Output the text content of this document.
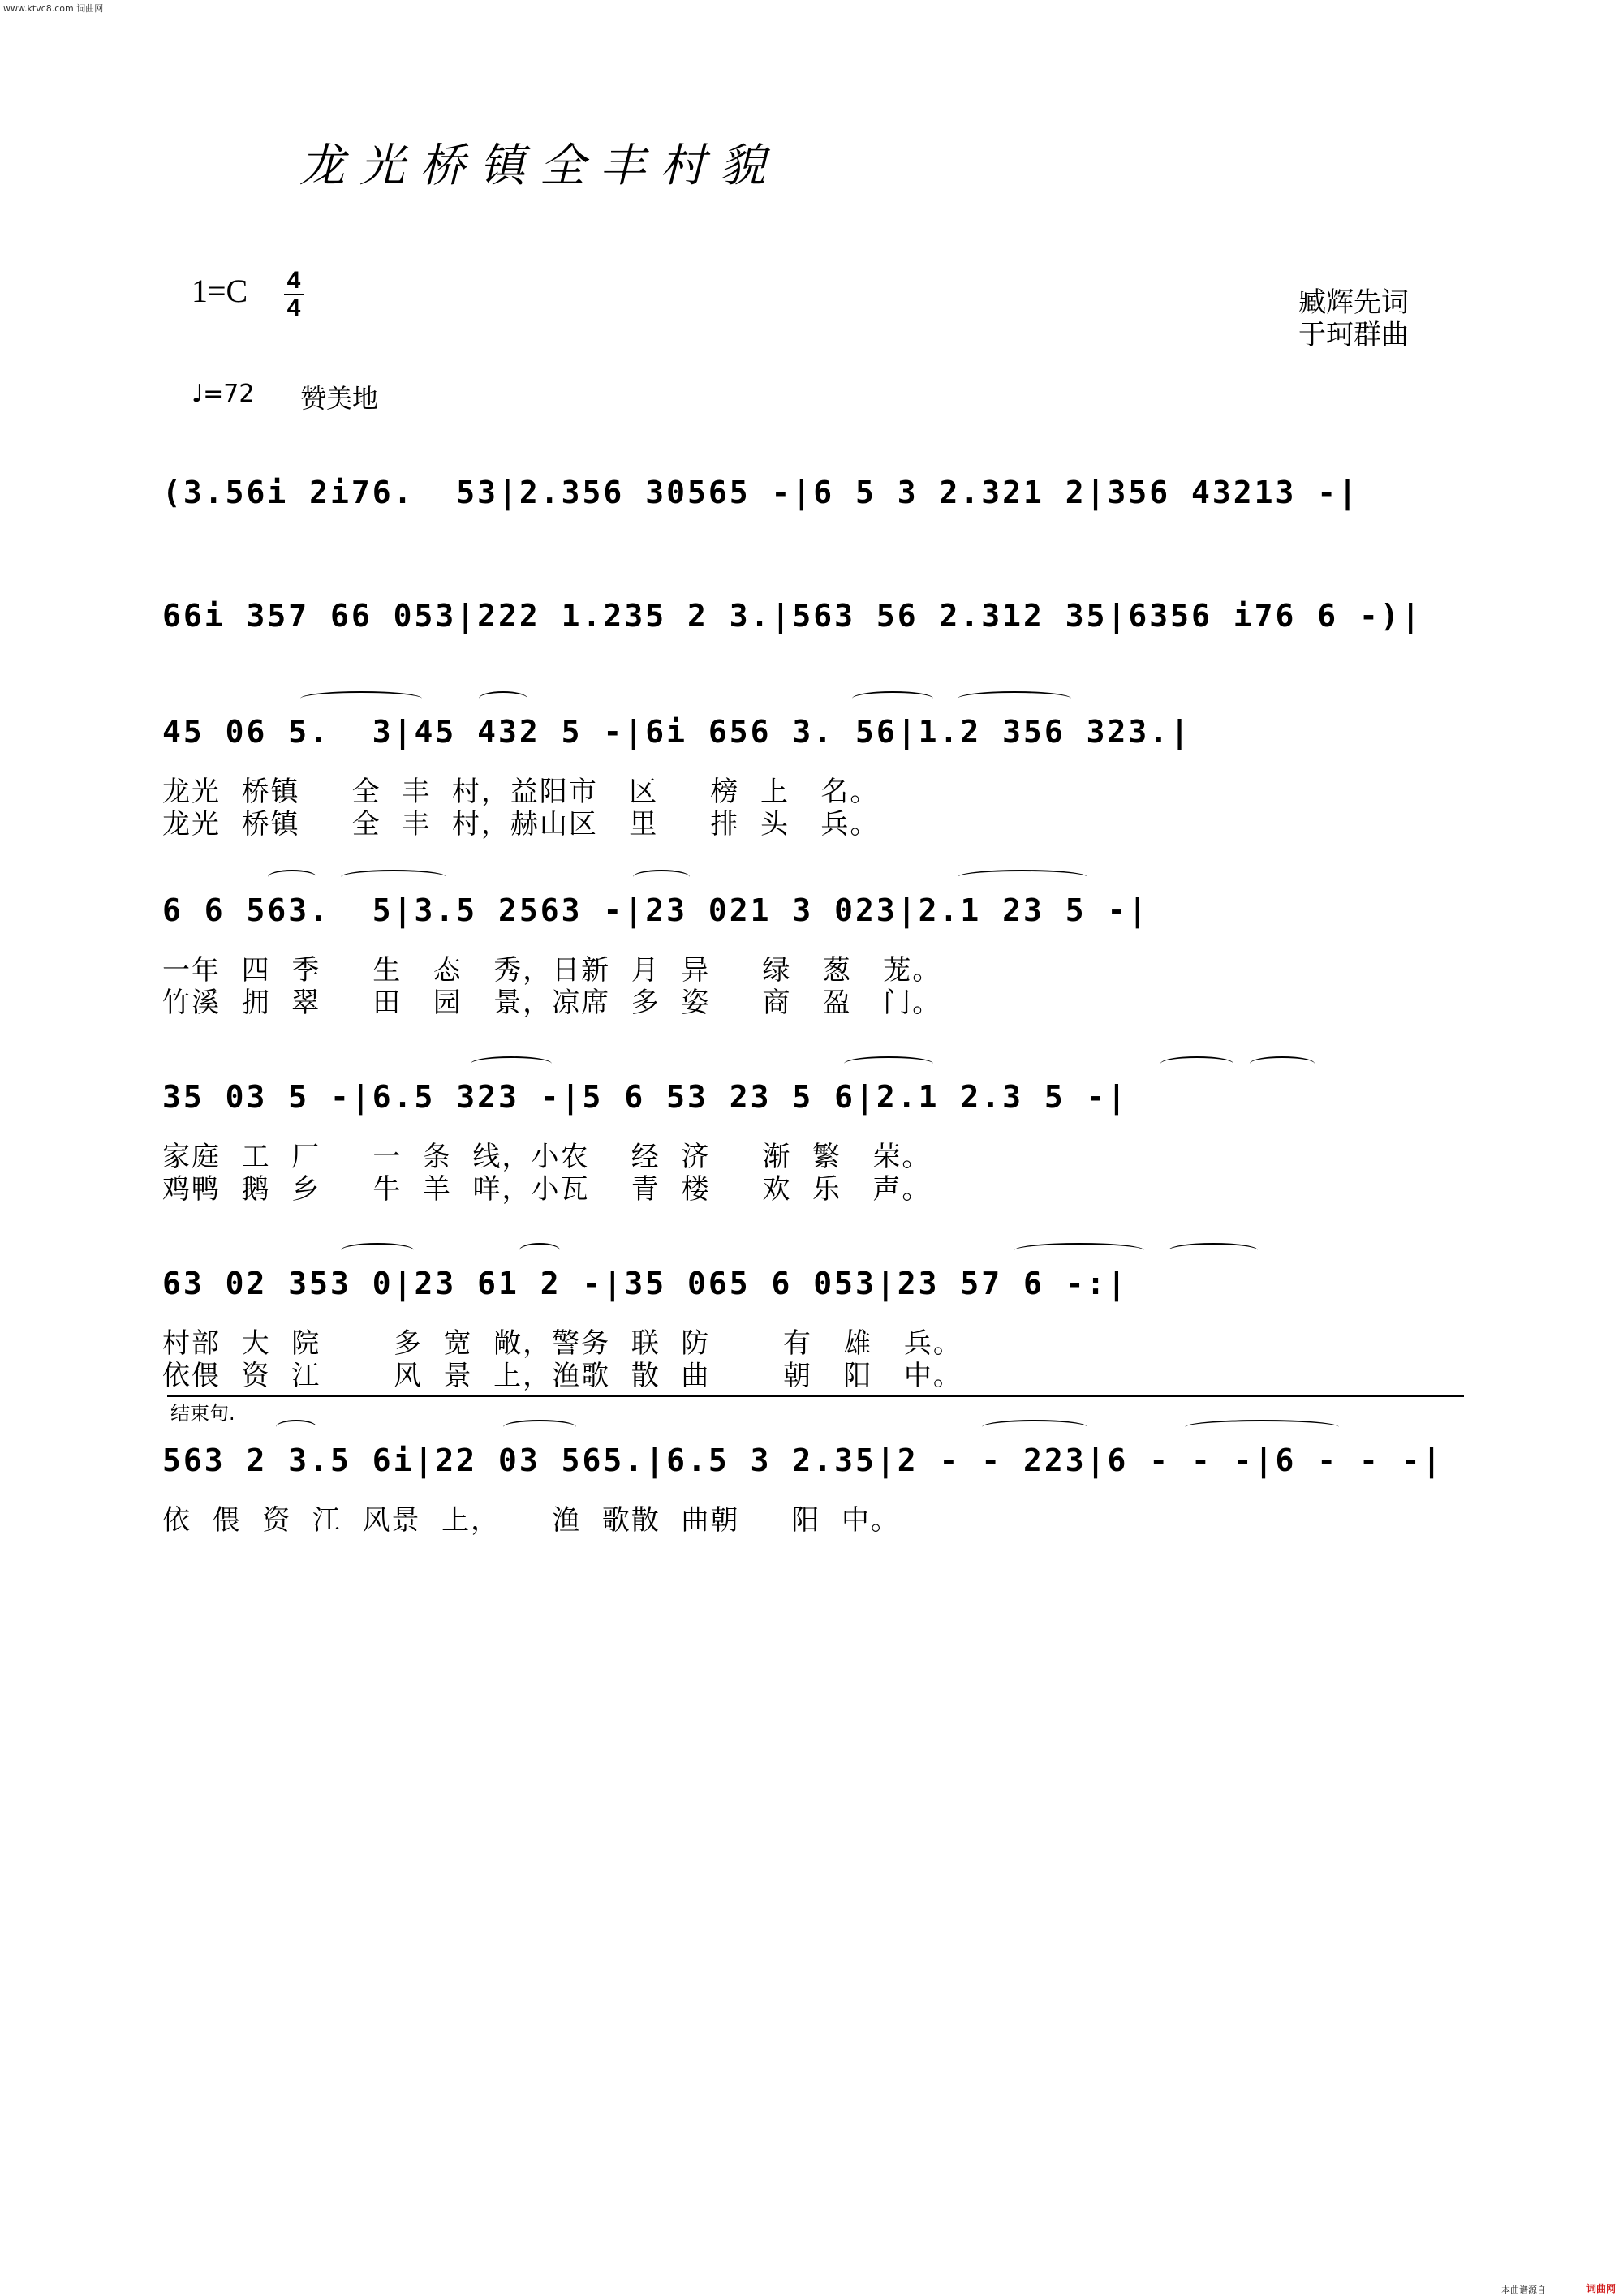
www.ktvc8.com 词曲网
龙光桥镇全丰村貌
1=C 4
4	臧辉先词
于珂群曲
♩=72 赞美地
(3.56i 2i76.  53|2.356 30565 -|6 5 3 2.321 2|356 43213 -|
66i 357 66 053|222 1.235 2 3.|563 56 2.312 35|6356 i76 6 -)|
45 06 5.  3|45 432 5 -|6i 656 3. 56|1.2 356 323.|
龙光  桥镇     全  丰  村，益阳市   区     榜  上   名。
龙光  桥镇     全  丰  村，赫山区   里     排  头   兵。
6 6 563.  5|3.5 2563 -|23 021 3 023|2.1 23 5 -|
一年  四  季     生   态   秀，日新  月  异     绿   葱   茏。
竹溪  拥  翠     田   园   景，凉席  多  姿     商   盈   门。
35 03 5 -|6.5 323 -|5 6 53 23 5 6|2.1 2.3 5 -|
家庭  工  厂     一  条  线，小农    经  济     渐  繁   荣。
鸡鸭  鹅  乡     牛  羊  咩，小瓦    青  楼     欢  乐   声。
63 02 353 0|23 61 2 -|35 065 6 053|23 57 6 -:|
村部  大  院       多  宽  敞，警务  联  防       有   雄   兵。
依偎  资  江       风  景  上，渔歌  散  曲       朝   阳   中。
结束句.
563 2 3.5 6i|22 03 565.|6.5 3 2.35|2 - - 223|6 - - -|6 - - -|
依  偎  资  江  风景  上，     渔  歌散  曲朝     阳  中。
本曲谱源自	词曲网
